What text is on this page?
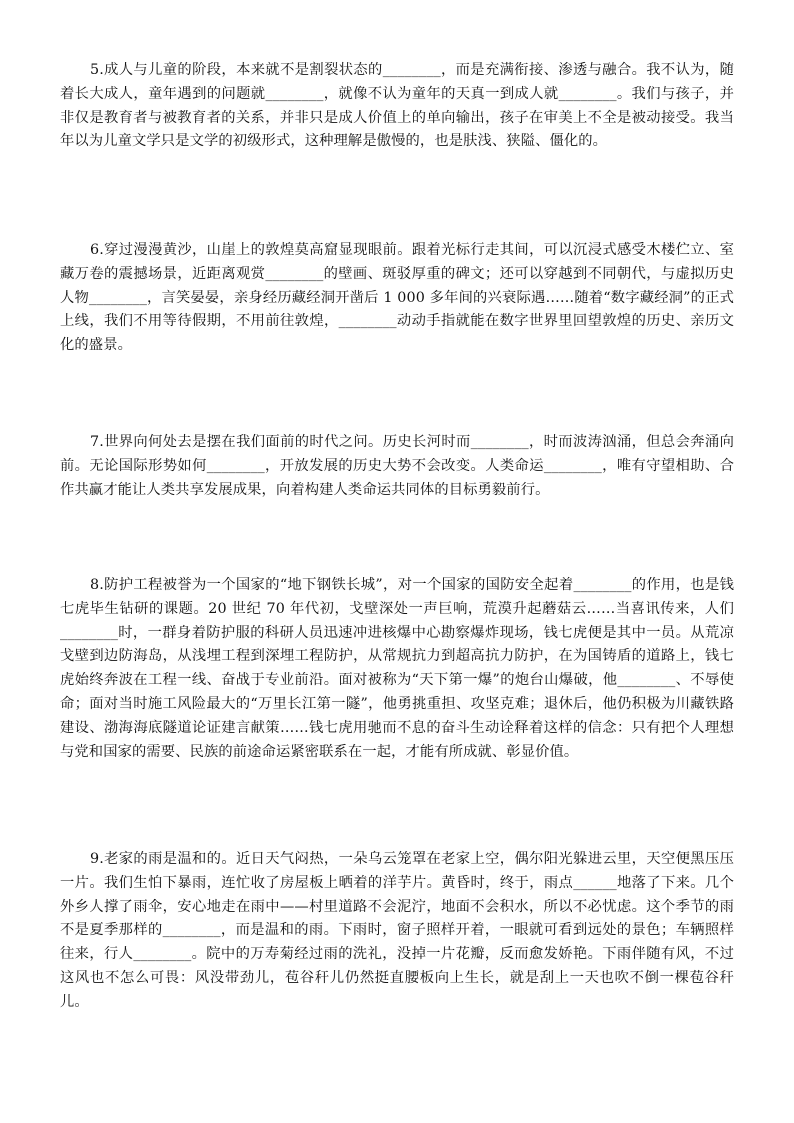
5.成人与儿童的阶段，本来就不是割裂状态的________，而是充满衔接、渗透与融合。我不认为，随着长大成人，童年遇到的问题就________，就像不认为童年的天真一到成人就________。我们与孩子，并非仅是教育者与被教育者的关系，并非只是成人价值上的单向输出，孩子在审美上不全是被动接受。我当年以为儿童文学只是文学的初级形式，这种理解是傲慢的，也是肤浅、狭隘、僵化的。

6.穿过漫漫黄沙，山崖上的敦煌莫高窟显现眼前。跟着光标行走其间，可以沉浸式感受木楼伫立、室藏万卷的震撼场景，近距离观赏________的壁画、斑驳厚重的碑文；还可以穿越到不同朝代，与虚拟历史人物________，言笑晏晏，亲身经历藏经洞开凿后 1 000 多年间的兴衰际遇……随着“数字藏经洞”的正式上线，我们不用等待假期，不用前往敦煌，________动动手指就能在数字世界里回望敦煌的历史、亲历文化的盛景。

7.世界向何处去是摆在我们面前的时代之问。历史长河时而________，时而波涛汹涌，但总会奔涌向前。无论国际形势如何________，开放发展的历史大势不会改变。人类命运________，唯有守望相助、合作共赢才能让人类共享发展成果，向着构建人类命运共同体的目标勇毅前行。

8.防护工程被誉为一个国家的“地下钢铁长城”，对一个国家的国防安全起着________的作用，也是钱七虎毕生钻研的课题。20 世纪 70 年代初，戈壁深处一声巨响，荒漠升起蘑菇云……当喜讯传来，人们________时，一群身着防护服的科研人员迅速冲进核爆中心勘察爆炸现场，钱七虎便是其中一员。从荒凉戈壁到边防海岛，从浅埋工程到深埋工程防护，从常规抗力到超高抗力防护，在为国铸盾的道路上，钱七虎始终奔波在工程一线、奋战于专业前沿。面对被称为“天下第一爆”的炮台山爆破，他________、不辱使命；面对当时施工风险最大的“万里长江第一隧”，他勇挑重担、攻坚克难；退休后，他仍积极为川藏铁路建设、渤海海底隧道论证建言献策……钱七虎用驰而不息的奋斗生动诠释着这样的信念：只有把个人理想与党和国家的需要、民族的前途命运紧密联系在一起，才能有所成就、彰显价值。

9.老家的雨是温和的。近日天气闷热，一朵乌云笼罩在老家上空，偶尔阳光躲进云里，天空便黑压压一片。我们生怕下暴雨，连忙收了房屋板上晒着的洋芋片。黄昏时，终于，雨点______地落了下来。几个外乡人撑了雨伞，安心地走在雨中——村里道路不会泥泞，地面不会积水，所以不必忧虑。这个季节的雨不是夏季那样的________，而是温和的雨。下雨时，窗子照样开着，一眼就可看到远处的景色；车辆照样往来，行人________。院中的万寿菊经过雨的洗礼，没掉一片花瓣，反而愈发娇艳。下雨伴随有风，不过这风也不怎么可畏：风没带劲儿，苞谷秆儿仍然挺直腰板向上生长，就是刮上一天也吹不倒一棵苞谷秆儿。
